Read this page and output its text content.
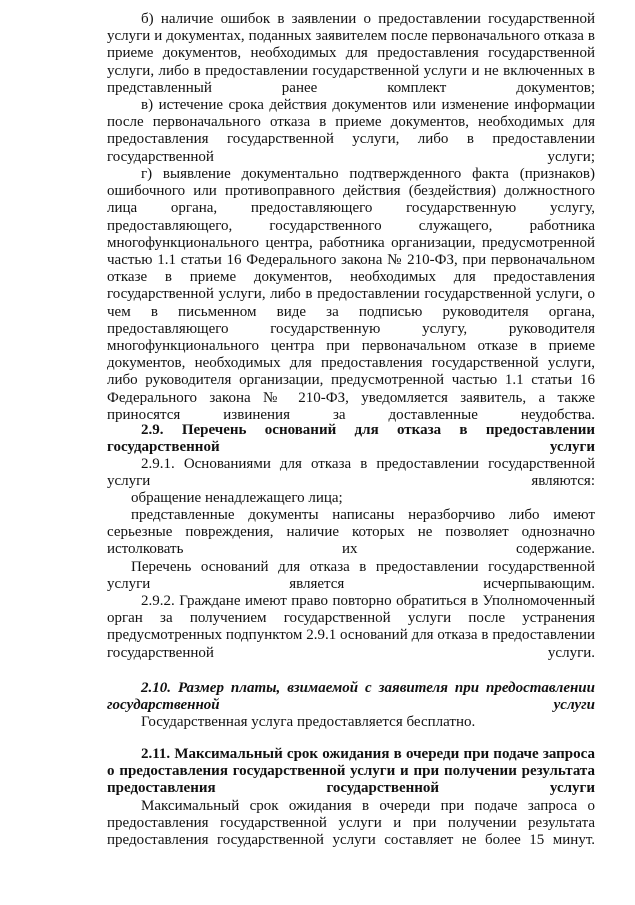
б) наличие ошибок в заявлении о предоставлении государственной услуги и документах, поданных заявителем после первоначального отказа в приеме документов, необходимых для предоставления государственной услуги, либо в предоставлении государственной услуги и не включенных в представленный ранее комплект документов;

в) истечение срока действия документов или изменение информации после первоначального отказа в приеме документов, необходимых для предоставления государственной услуги, либо в предоставлении государственной услуги;

г) выявление документально подтвержденного факта (признаков) ошибочного или противоправного действия (бездействия) должностного лица органа, предоставляющего государственную услугу, предоставляющего, государственного служащего, работника многофункционального центра, работника организации, предусмотренной частью 1.1 статьи 16 Федерального закона № 210-ФЗ, при первоначальном отказе в приеме документов, необходимых для предоставления государственной услуги, либо в предоставлении государственной услуги, о чем в письменном виде за подписью руководителя органа, предоставляющего государственную услугу, руководителя многофункционального центра при первоначальном отказе в приеме документов, необходимых для предоставления государственной услуги, либо руководителя организации, предусмотренной частью 1.1 статьи 16 Федерального закона № 210-ФЗ, уведомляется заявитель, а также приносятся извинения за доставленные неудобства.

2.9. Перечень оснований для отказа в предоставлении государственной услуги

2.9.1. Основаниями для отказа в предоставлении государственной услуги являются:

обращение ненадлежащего лица;

представленные документы написаны неразборчиво либо имеют серьезные повреждения, наличие которых не позволяет однозначно истолковать их содержание.

Перечень оснований для отказа в предоставлении государственной услуги является исчерпывающим.

2.9.2. Граждане имеют право повторно обратиться в Уполномоченный орган за получением государственной услуги после устранения предусмотренных подпунктом 2.9.1 оснований для отказа в предоставлении государственной услуги.

2.10. Размер платы, взимаемой с заявителя при предоставлении государственной услуги

Государственная услуга предоставляется бесплатно.

2.11. Максимальный срок ожидания в очереди при подаче запроса о предоставления государственной услуги и при получении результата предоставления государственной услуги

Максимальный срок ожидания в очереди при подаче запроса о предоставления государственной услуги и при получении результата предоставления государственной услуги составляет не более 15 минут.
